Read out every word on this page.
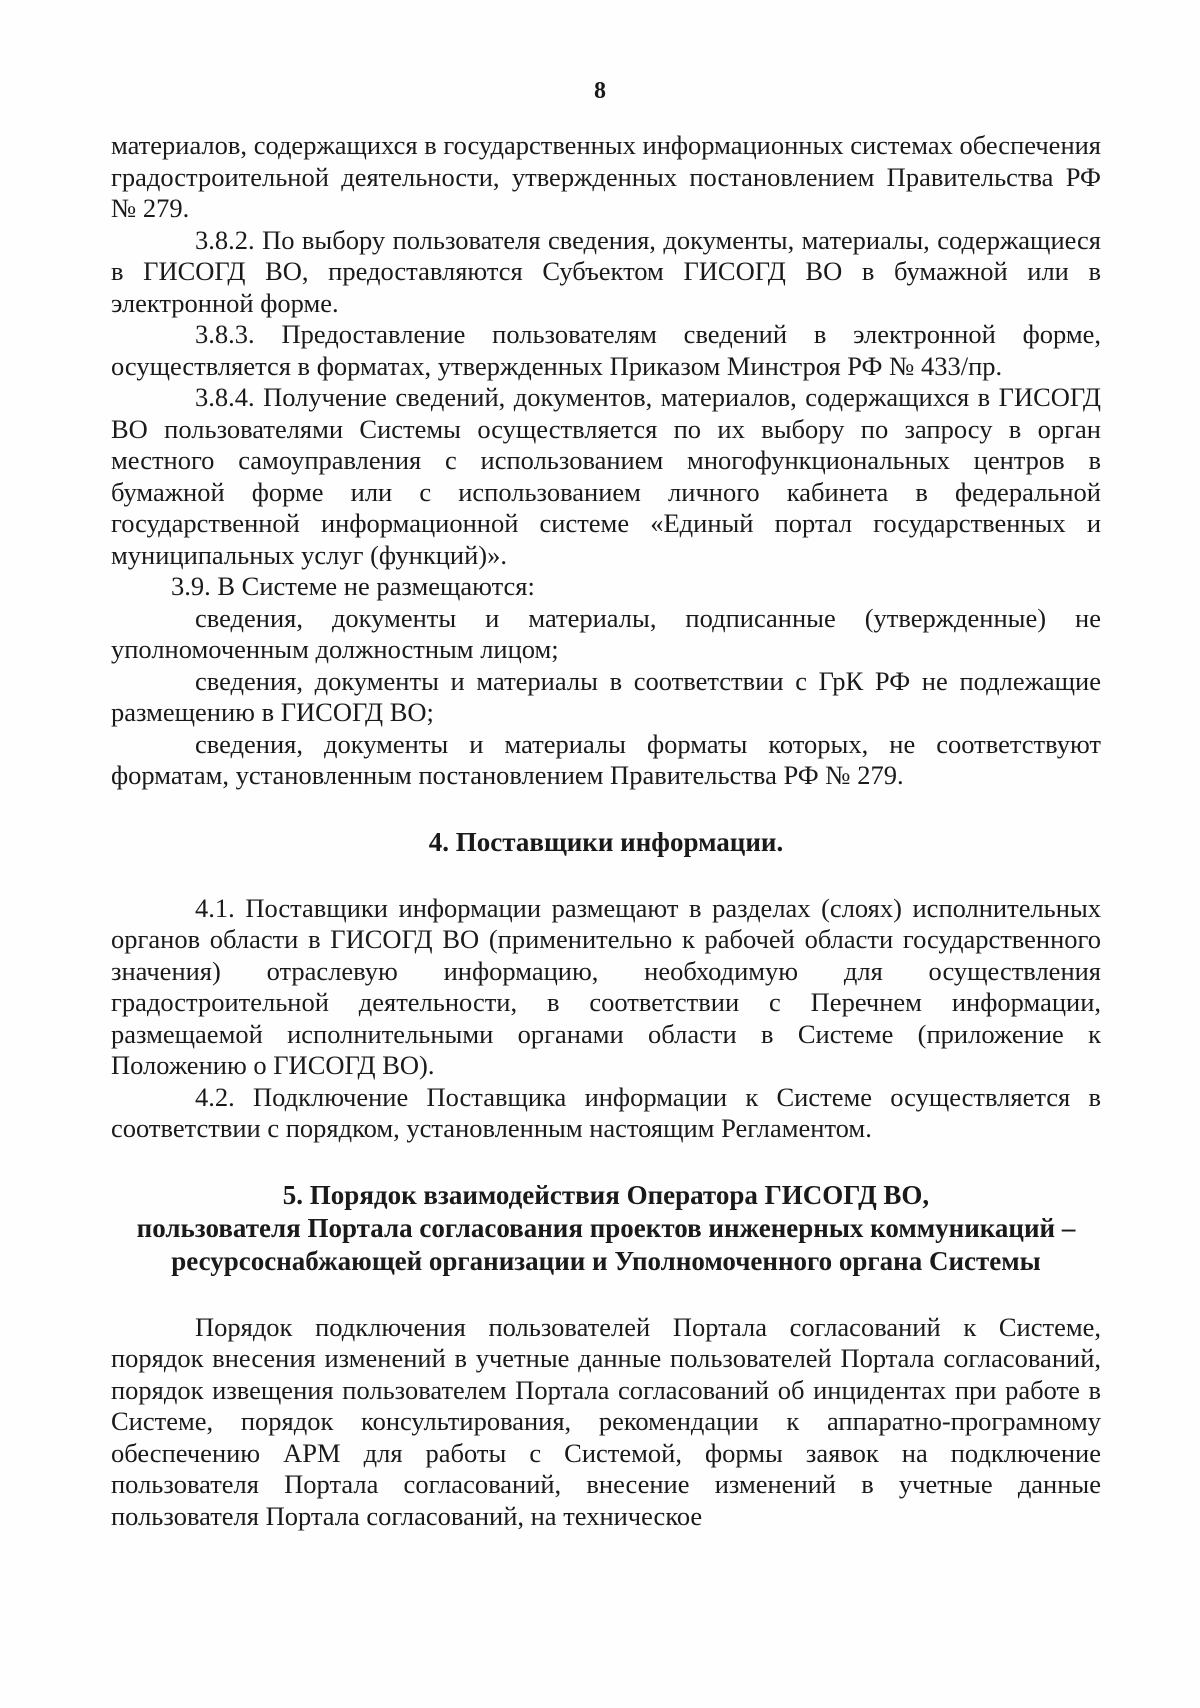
8

материалов, содержащихся в государственных информационных системах обеспечения градостроительной деятельности, утвержденных постановлением Правительства РФ № 279.

3.8.2. По выбору пользователя сведения, документы, материалы, содержащиеся в ГИСОГД ВО, предоставляются Субъектом ГИСОГД ВО в бумажной или в электронной форме.

3.8.3. Предоставление пользователям сведений в электронной форме, осуществляется в форматах, утвержденных Приказом Минстроя РФ № 433/пр.

3.8.4. Получение сведений, документов, материалов, содержащихся в ГИСОГД ВО пользователями Системы осуществляется по их выбору по запросу в орган местного самоуправления с использованием многофункциональных центров в бумажной форме или с использованием личного кабинета в федеральной государственной информационной системе «Единый портал государственных и муниципальных услуг (функций)».

3.9. В Системе не размещаются:

сведения, документы и материалы, подписанные (утвержденные) не уполномоченным должностным лицом;

сведения, документы и материалы в соответствии с ГрК РФ не подлежащие размещению в ГИСОГД ВО;

сведения, документы и материалы форматы которых, не соответствуют форматам, установленным постановлением Правительства РФ № 279.

4. Поставщики информации.

4.1. Поставщики информации размещают в разделах (слоях) исполнительных органов области в ГИСОГД ВО (применительно к рабочей области государственного значения) отраслевую информацию, необходимую для осуществления градостроительной деятельности, в соответствии с Перечнем информации, размещаемой исполнительными органами области в Системе (приложение к Положению о ГИСОГД ВО).

4.2. Подключение Поставщика информации к Системе осуществляется в соответствии с порядком, установленным настоящим Регламентом.

5. Порядок взаимодействия Оператора ГИСОГД ВО,
пользователя Портала согласования проектов инженерных коммуникаций –
ресурсоснабжающей организации и Уполномоченного органа Системы

Порядок подключения пользователей Портала согласований к Системе, порядок внесения изменений в учетные данные пользователей Портала согласований, порядок извещения пользователем Портала согласований об инцидентах при работе в Системе, порядок консультирования, рекомендации к аппаратно-програмному обеспечению АРМ для работы с Системой, формы заявок на подключение пользователя Портала согласований, внесение изменений в учетные данные пользователя Портала согласований, на техническое
